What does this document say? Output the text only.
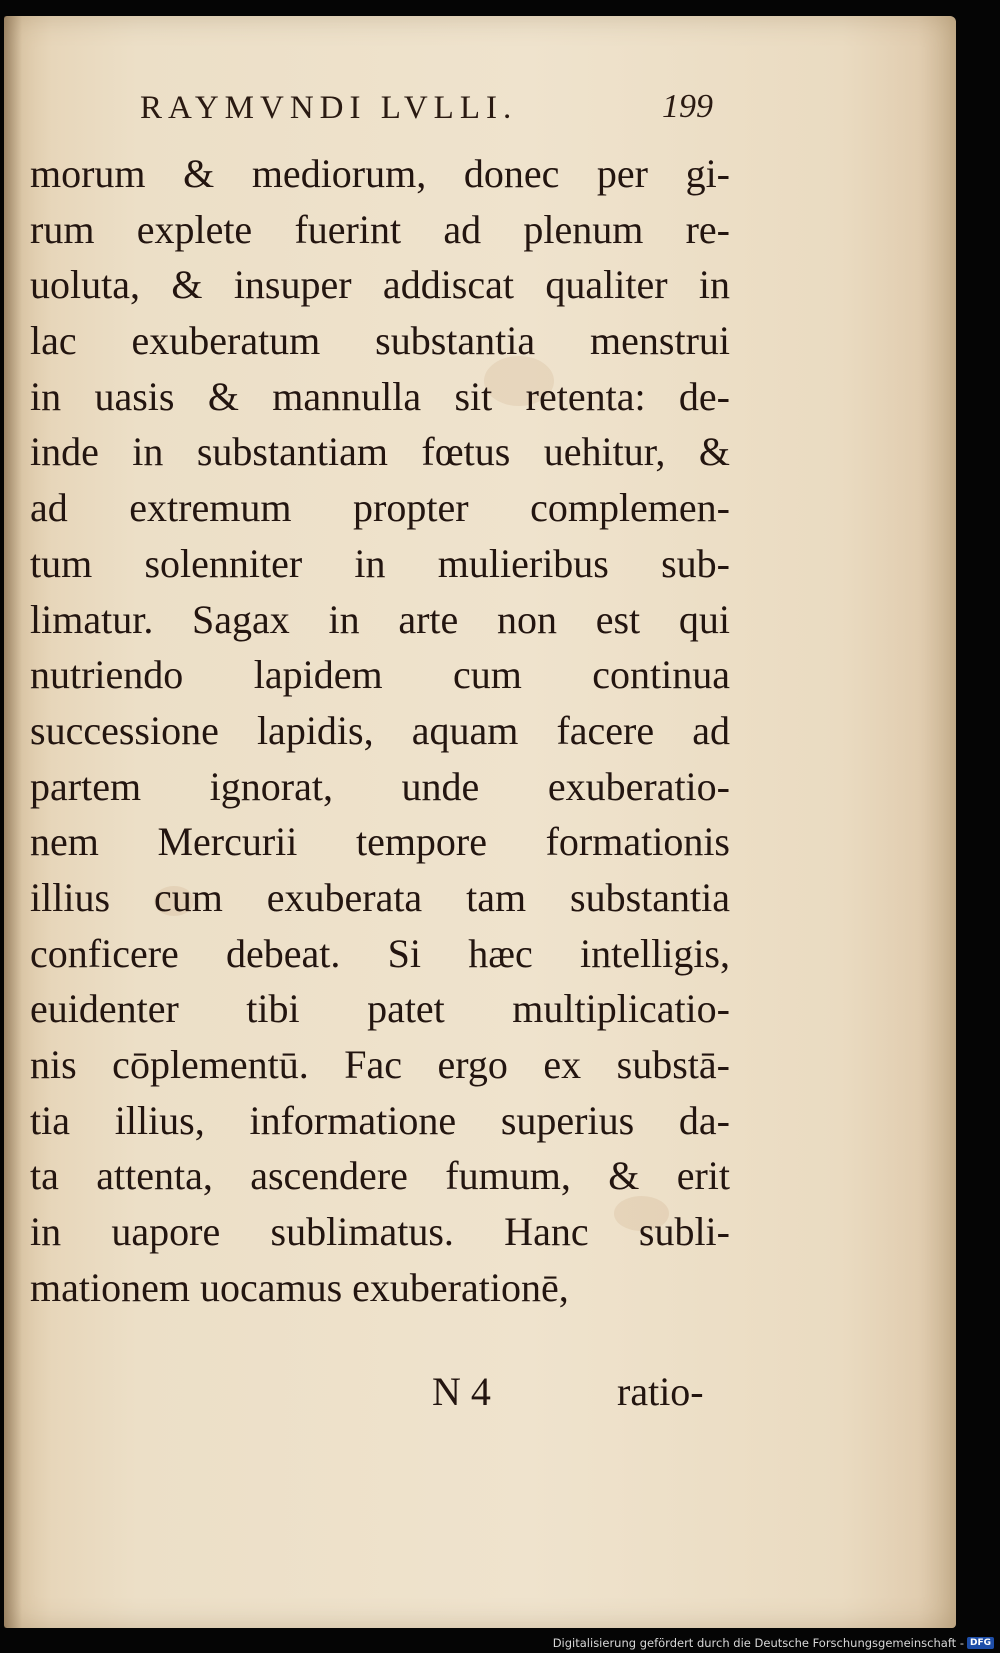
RAYMVNDI LVLLI.	199
morum & mediorum, donec per gi-
rum explete fuerint ad plenum re-
uoluta, & insuper addiscat qualiter in
lac exuberatum substantia menstrui
in uasis & mannulla sit retenta: de-
inde in substantiam fœtus uehitur, &
ad extremum propter complemen-
tum solenniter in mulieribus sub-
limatur. Sagax in arte non est qui
nutriendo lapidem cum continua
successione lapidis, aquam facere ad
partem ignorat, unde exuberatio-
nem Mercurii tempore formationis
illius cum exuberata tam substantia
conficere debeat. Si hæc intelligis,
euidenter tibi patet multiplicatio-
nis cōplementū. Fac ergo ex substā-
tia illius, informatione superius da-
ta attenta, ascendere fumum, & erit
in uapore sublimatus. Hanc subli-
mationem uocamus exuberationē,
N 4	ratio-
Digitalisierung gefördert durch die Deutsche Forschungsgemeinschaft - DFG
